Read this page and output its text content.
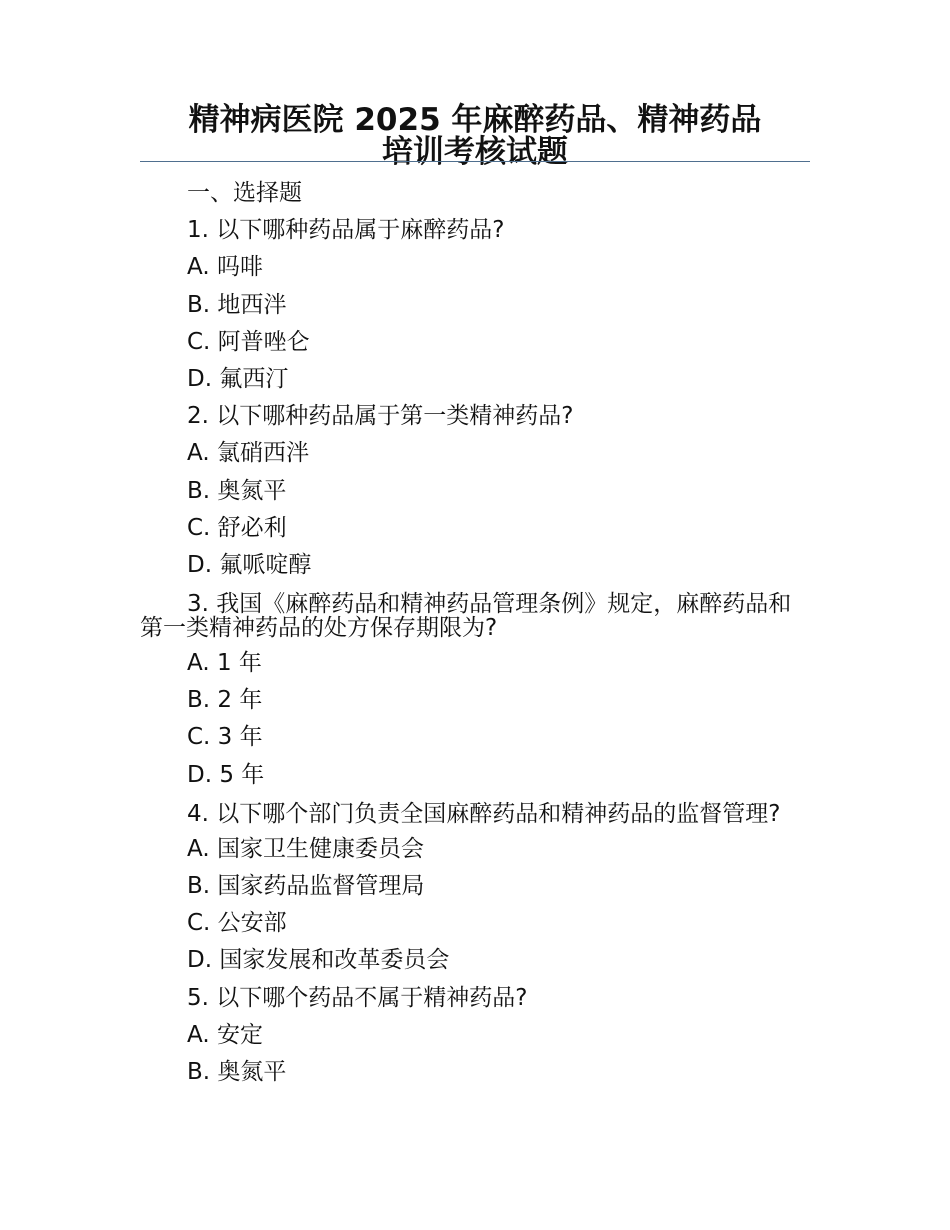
精神病医院 2025 年麻醉药品、精神药品
培训考核试题
一、选择题
1. 以下哪种药品属于麻醉药品?
A. 吗啡
B. 地西泮
C. 阿普唑仑
D. 氟西汀
2. 以下哪种药品属于第一类精神药品?
A. 氯硝西泮
B. 奥氮平
C. 舒必利
D. 氟哌啶醇
3. 我国《麻醉药品和精神药品管理条例》规定，麻醉药品和第一类精神药品的处方保存期限为?
A. 1 年
B. 2 年
C. 3 年
D. 5 年
4. 以下哪个部门负责全国麻醉药品和精神药品的监督管理?
A. 国家卫生健康委员会
B. 国家药品监督管理局
C. 公安部
D. 国家发展和改革委员会
5. 以下哪个药品不属于精神药品?
A. 安定
B. 奥氮平
